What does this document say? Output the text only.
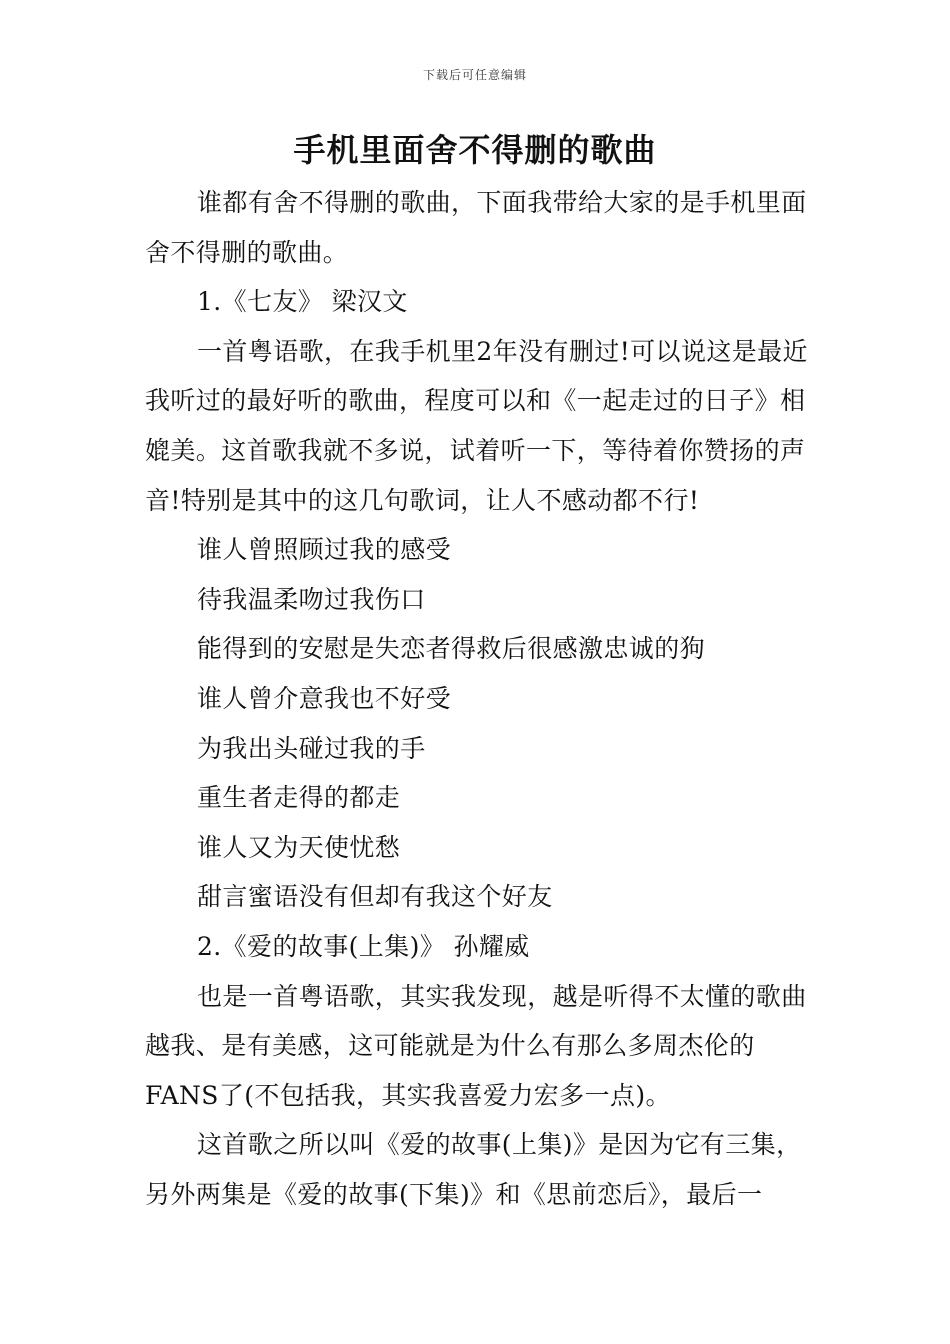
下载后可任意编辑
手机里面舍不得删的歌曲

谁都有舍不得删的歌曲，下面我带给大家的是手机里面舍不得删的歌曲。

1.《七友》 梁汉文

一首粤语歌，在我手机里2年没有删过!可以说这是最近我听过的最好听的歌曲，程度可以和《一起走过的日子》相媲美。这首歌我就不多说，试着听一下，等待着你赞扬的声音!特别是其中的这几句歌词，让人不感动都不行!

谁人曾照顾过我的感受

待我温柔吻过我伤口

能得到的安慰是失恋者得救后很感激忠诚的狗

谁人曾介意我也不好受

为我出头碰过我的手

重生者走得的都走

谁人又为天使忧愁

甜言蜜语没有但却有我这个好友

2.《爱的故事(上集)》 孙耀威

也是一首粤语歌，其实我发现，越是听得不太懂的歌曲越我、是有美感，这可能就是为什么有那么多周杰伦的FANS了(不包括我，其实我喜爱力宏多一点)。

这首歌之所以叫《爱的故事(上集)》是因为它有三集，另外两集是《爱的故事(下集)》和《思前恋后》，最后一
